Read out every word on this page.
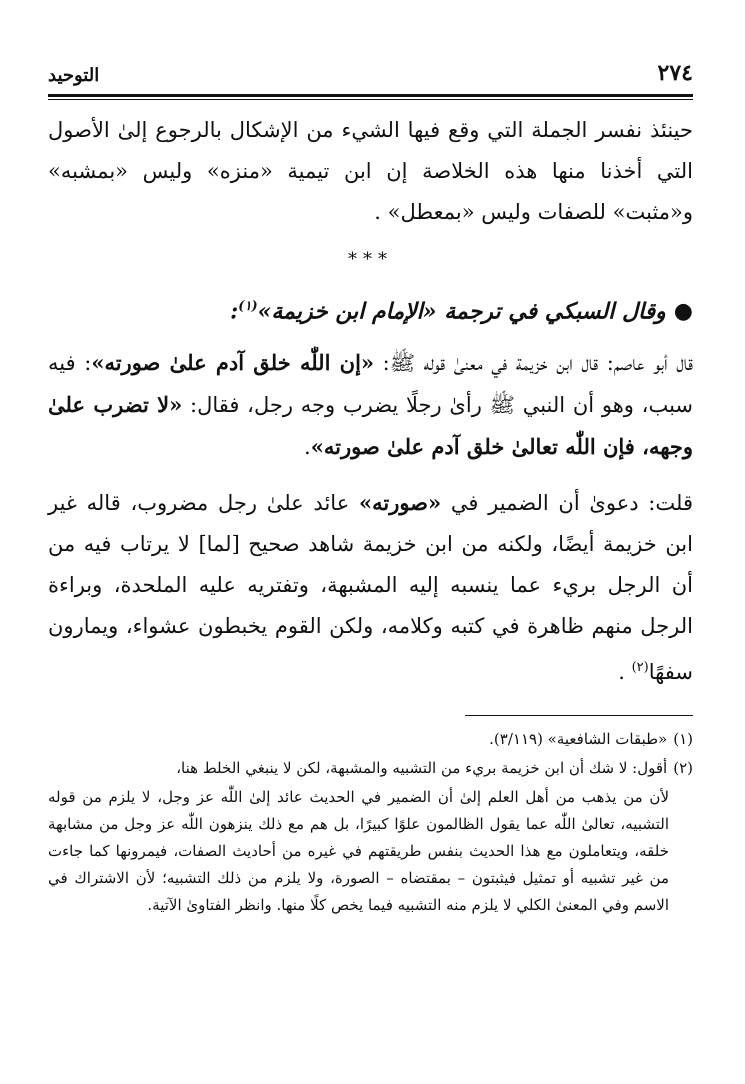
٢٧٤
التوحيد

حينئذ نفسر الجملة التي وقع فيها الشيء من الإشكال بالرجوع إلىٰ الأصول التي أخذنا منها هذه الخلاصة إن ابن تيمية «منزه» وليس «بمشبه» و«مثبت» للصفات وليس «بمعطل» .

***
●وقال السبكي في ترجمة «الإمام ابن خزيمة»$^{(١)}$:

قال أبو عاصم: قال ابن خزيمة في معنىٰ قوله ﷺ: «إن اللّٰه خلق آدم علىٰ صورته»: فيه سبب، وهو أن النبي ﷺ رأىٰ رجلًا يضرب وجه رجل، فقال: «لا تضرب علىٰ وجهه، فإن اللّٰه تعالىٰ خلق آدم علىٰ صورته».

قلت: دعوىٰ أن الضمير في «صورته» عائد علىٰ رجل مضروب، قاله غير ابن خزيمة أيضًا، ولكنه من ابن خزيمة شاهد صحيح [لما] لا يرتاب فيه من أن الرجل بريء عما ينسبه إليه المشبهة، وتفتريه عليه الملحدة، وبراءة الرجل منهم ظاهرة في كتبه وكلامه، ولكن القوم يخبطون عشواء، ويمارون سفهًا$^{(٢)}$ .

(١)«طبقات الشافعية» (٣/١١٩).

(٢)أقول: لا شك أن ابن خزيمة بريء من التشبيه والمشبهة، لكن لا ينبغي الخلط هنا،

لأن من يذهب من أهل العلم إلىٰ أن الضمير في الحديث عائد إلىٰ اللّٰه عز وجل، لا يلزم من قوله التشبيه، تعالىٰ اللّٰه عما يقول الظالمون علوًا كبيرًا، بل هم مع ذلك ينزهون اللّٰه عز وجل من مشابهة خلقه، ويتعاملون مع هذا الحديث بنفس طريقتهم في غيره من أحاديث الصفات، فيمرونها كما جاءت من غير تشبيه أو تمثيل فيثبتون – بمقتضاه – الصورة، ولا يلزم من ذلك التشبيه؛ لأن الاشتراك في الاسم وفي المعنىٰ الكلي لا يلزم منه التشبيه فيما يخص كلًا منها. وانظر الفتاوىٰ الآتية.
